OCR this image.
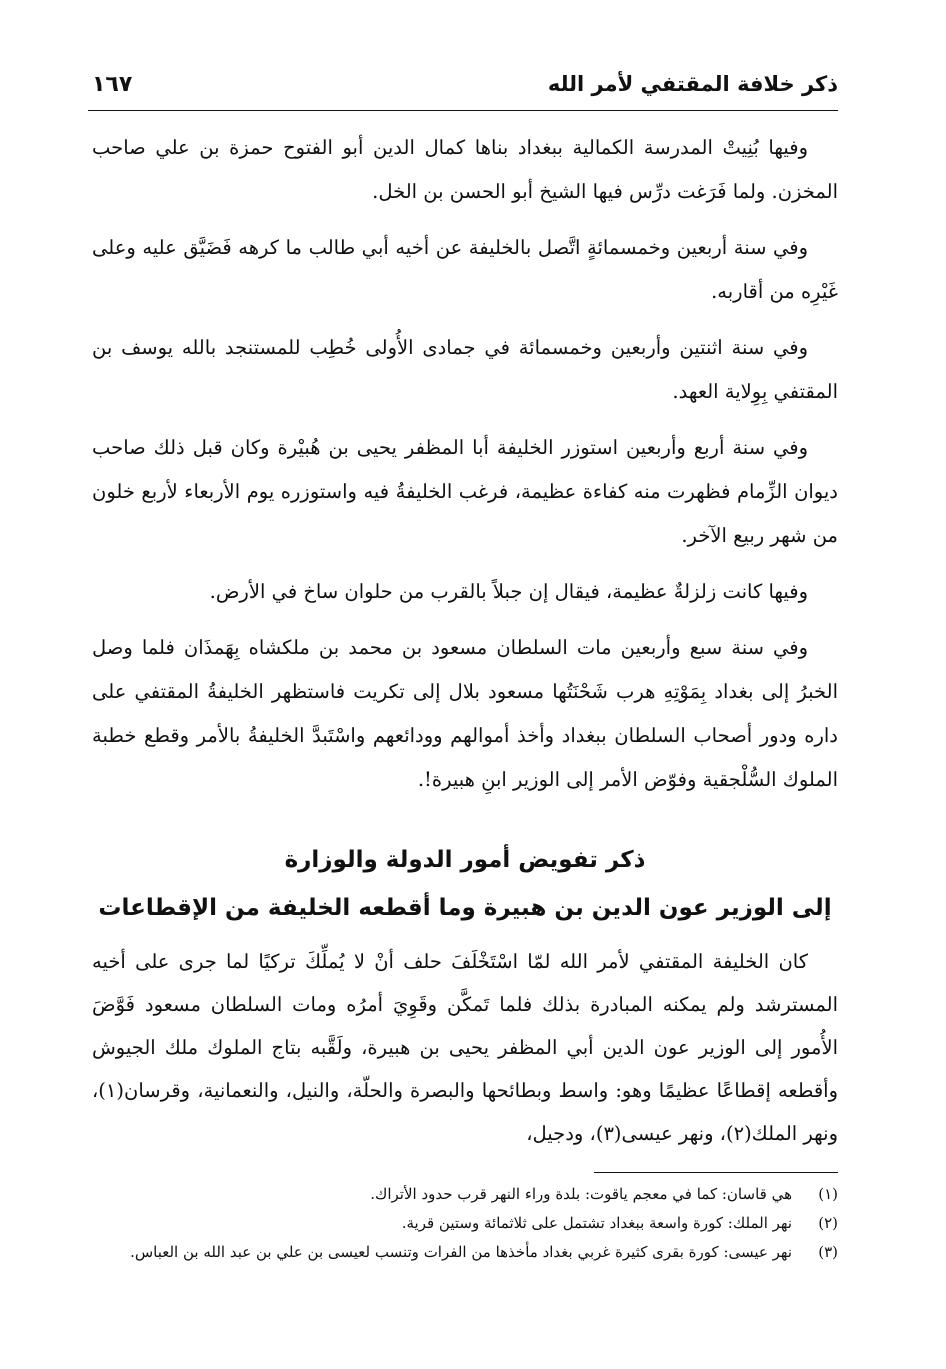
ذكر خلافة المقتفي لأمر الله
١٦٧

وفيها بُنِيتْ المدرسة الكمالية ببغداد بناها كمال الدين أبو الفتوح حمزة بن علي صاحب المخزن. ولما فَرَغت درِّس فيها الشيخ أبو الحسن بن الخل.

وفي سنة أربعين وخمسمائةٍ اتَّصل بالخليفة عن أخيه أبي طالب ما كرهه فَضَيَّق عليه وعلى غَيْرِه من أقاربه.

وفي سنة اثنتين وأربعين وخمسمائة في جمادى الأُولى خُطِب للمستنجد بالله يوسف بن المقتفي بِوِلاية العهد.

وفي سنة أربع وأربعين استوزر الخليفة أبا المظفر يحيى بن هُبيْرة وكان قبل ذلك صاحب ديوان الزِّمام فظهرت منه كفاءة عظيمة، فرغب الخليفةُ فيه واستوزره يوم الأربعاء لأربع خلون من شهر ربيع الآخر.

وفيها كانت زلزلةٌ عظيمة، فيقال إن جبلاً بالقرب من حلوان ساخ في الأرض.

وفي سنة سبع وأربعين مات السلطان مسعود بن محمد بن ملكشاه بِهَمذَان فلما وصل الخبرُ إلى بغداد بِمَوْتِهِ هرب شَحْنَتُها مسعود بلال إلى تكريت فاستظهر الخليفةُ المقتفي على داره ودور أصحاب السلطان ببغداد وأخذ أموالهم وودائعهم واسْتَبدَّ الخليفةُ بالأمر وقطع خطبة الملوك السُّلْجقية وفوّض الأمر إلى الوزير ابنِ هبيرة!.

ذكر تفويض أمور الدولة والوزارة
إلى الوزير عون الدين بن هبيرة وما أقطعه الخليفة من الإقطاعات

كان الخليفة المقتفي لأمر الله لمّا اسْتَخْلَفَ حلف أنْ لا يُملِّكَ تركيًا لما جرى على أخيه المسترشد ولم يمكنه المبادرة بذلك فلما تَمكَّن وقَوِيَ أمرُه ومات السلطان مسعود فَوَّضَ الأُمور إلى الوزير عون الدين أبي المظفر يحيى بن هبيرة، ولَقَّبه بتاج الملوك ملك الجيوش وأقطعه إقطاعًا عظيمًا وهو: واسط وبطائحها والبصرة والحلّة، والنيل، والنعمانية، وقرسان(١)، ونهر الملك(٢)، ونهر عيسى(٣)، ودجيل،

(١)
هي قاسان: كما في معجم ياقوت: بلدة وراء النهر قرب حدود الأتراك.
(٢)
نهر الملك: كورة واسعة ببغداد تشتمل على ثلاثمائة وستين قرية.
(٣)
نهر عيسى: كورة بقرى كثيرة غربي بغداد مأخذها من الفرات وتنسب لعيسى بن علي بن عبد الله بن العباس.
